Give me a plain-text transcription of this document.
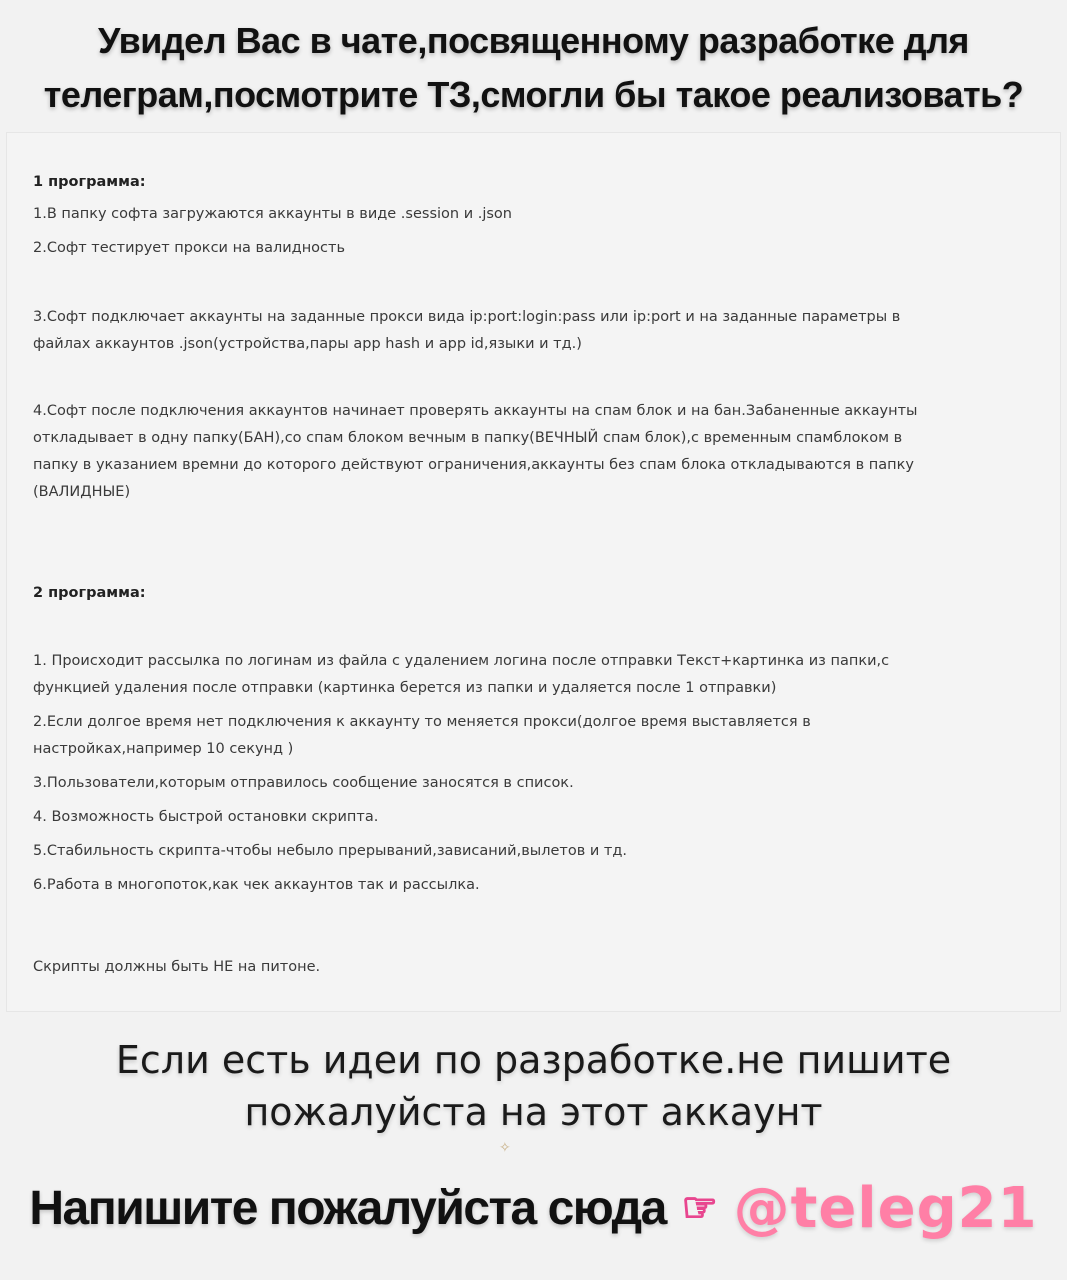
Увидел Вас в чате,посвященному разработке для
телеграм,посмотрите ТЗ,смогли бы такое реализовать?

1 программа:

1.В папку софта загружаются аккаунты в виде .session и .json

2.Софт тестирует прокси на валидность

3.Софт подключает аккаунты на заданные прокси вида ip:port:login:pass или ip:port и на заданные параметры в

файлах аккаунтов .json(устройства,пары app hash и app id,языки и тд.)

4.Софт после подключения аккаунтов начинает проверять аккаунты на спам блок и на бан.Забаненные аккаунты

откладывает в одну папку(БАН),со спам блоком вечным в папку(ВЕЧНЫЙ спам блок),с временным спамблоком в

папку в указанием времни до которого действуют ограничения,аккаунты без спам блока откладываются в папку

(ВАЛИДНЫЕ)

2 программа:

1. Происходит рассылка по логинам из файла с удалением логина после отправки Текст+картинка из папки,с

функцией удаления после отправки (картинка берется из папки и удаляется после 1 отправки)

2.Если долгое время нет подключения к аккаунту то меняется прокси(долгое время выставляется в

настройках,например 10 секунд )

3.Пользователи,которым отправилось сообщение заносятся в список.

4. Возможность быстрой остановки скрипта.

5.Стабильность скрипта-чтобы небыло прерываний,зависаний,вылетов и тд.

6.Работа в многопоток,как чек аккаунтов так и рассылка.

Скрипты должны быть НЕ на питоне.

Если есть идеи по разработке.не пишите
пожалуйста на этот аккаунт
✧
Напишите пожалуйста сюда ☞ @teleg21
